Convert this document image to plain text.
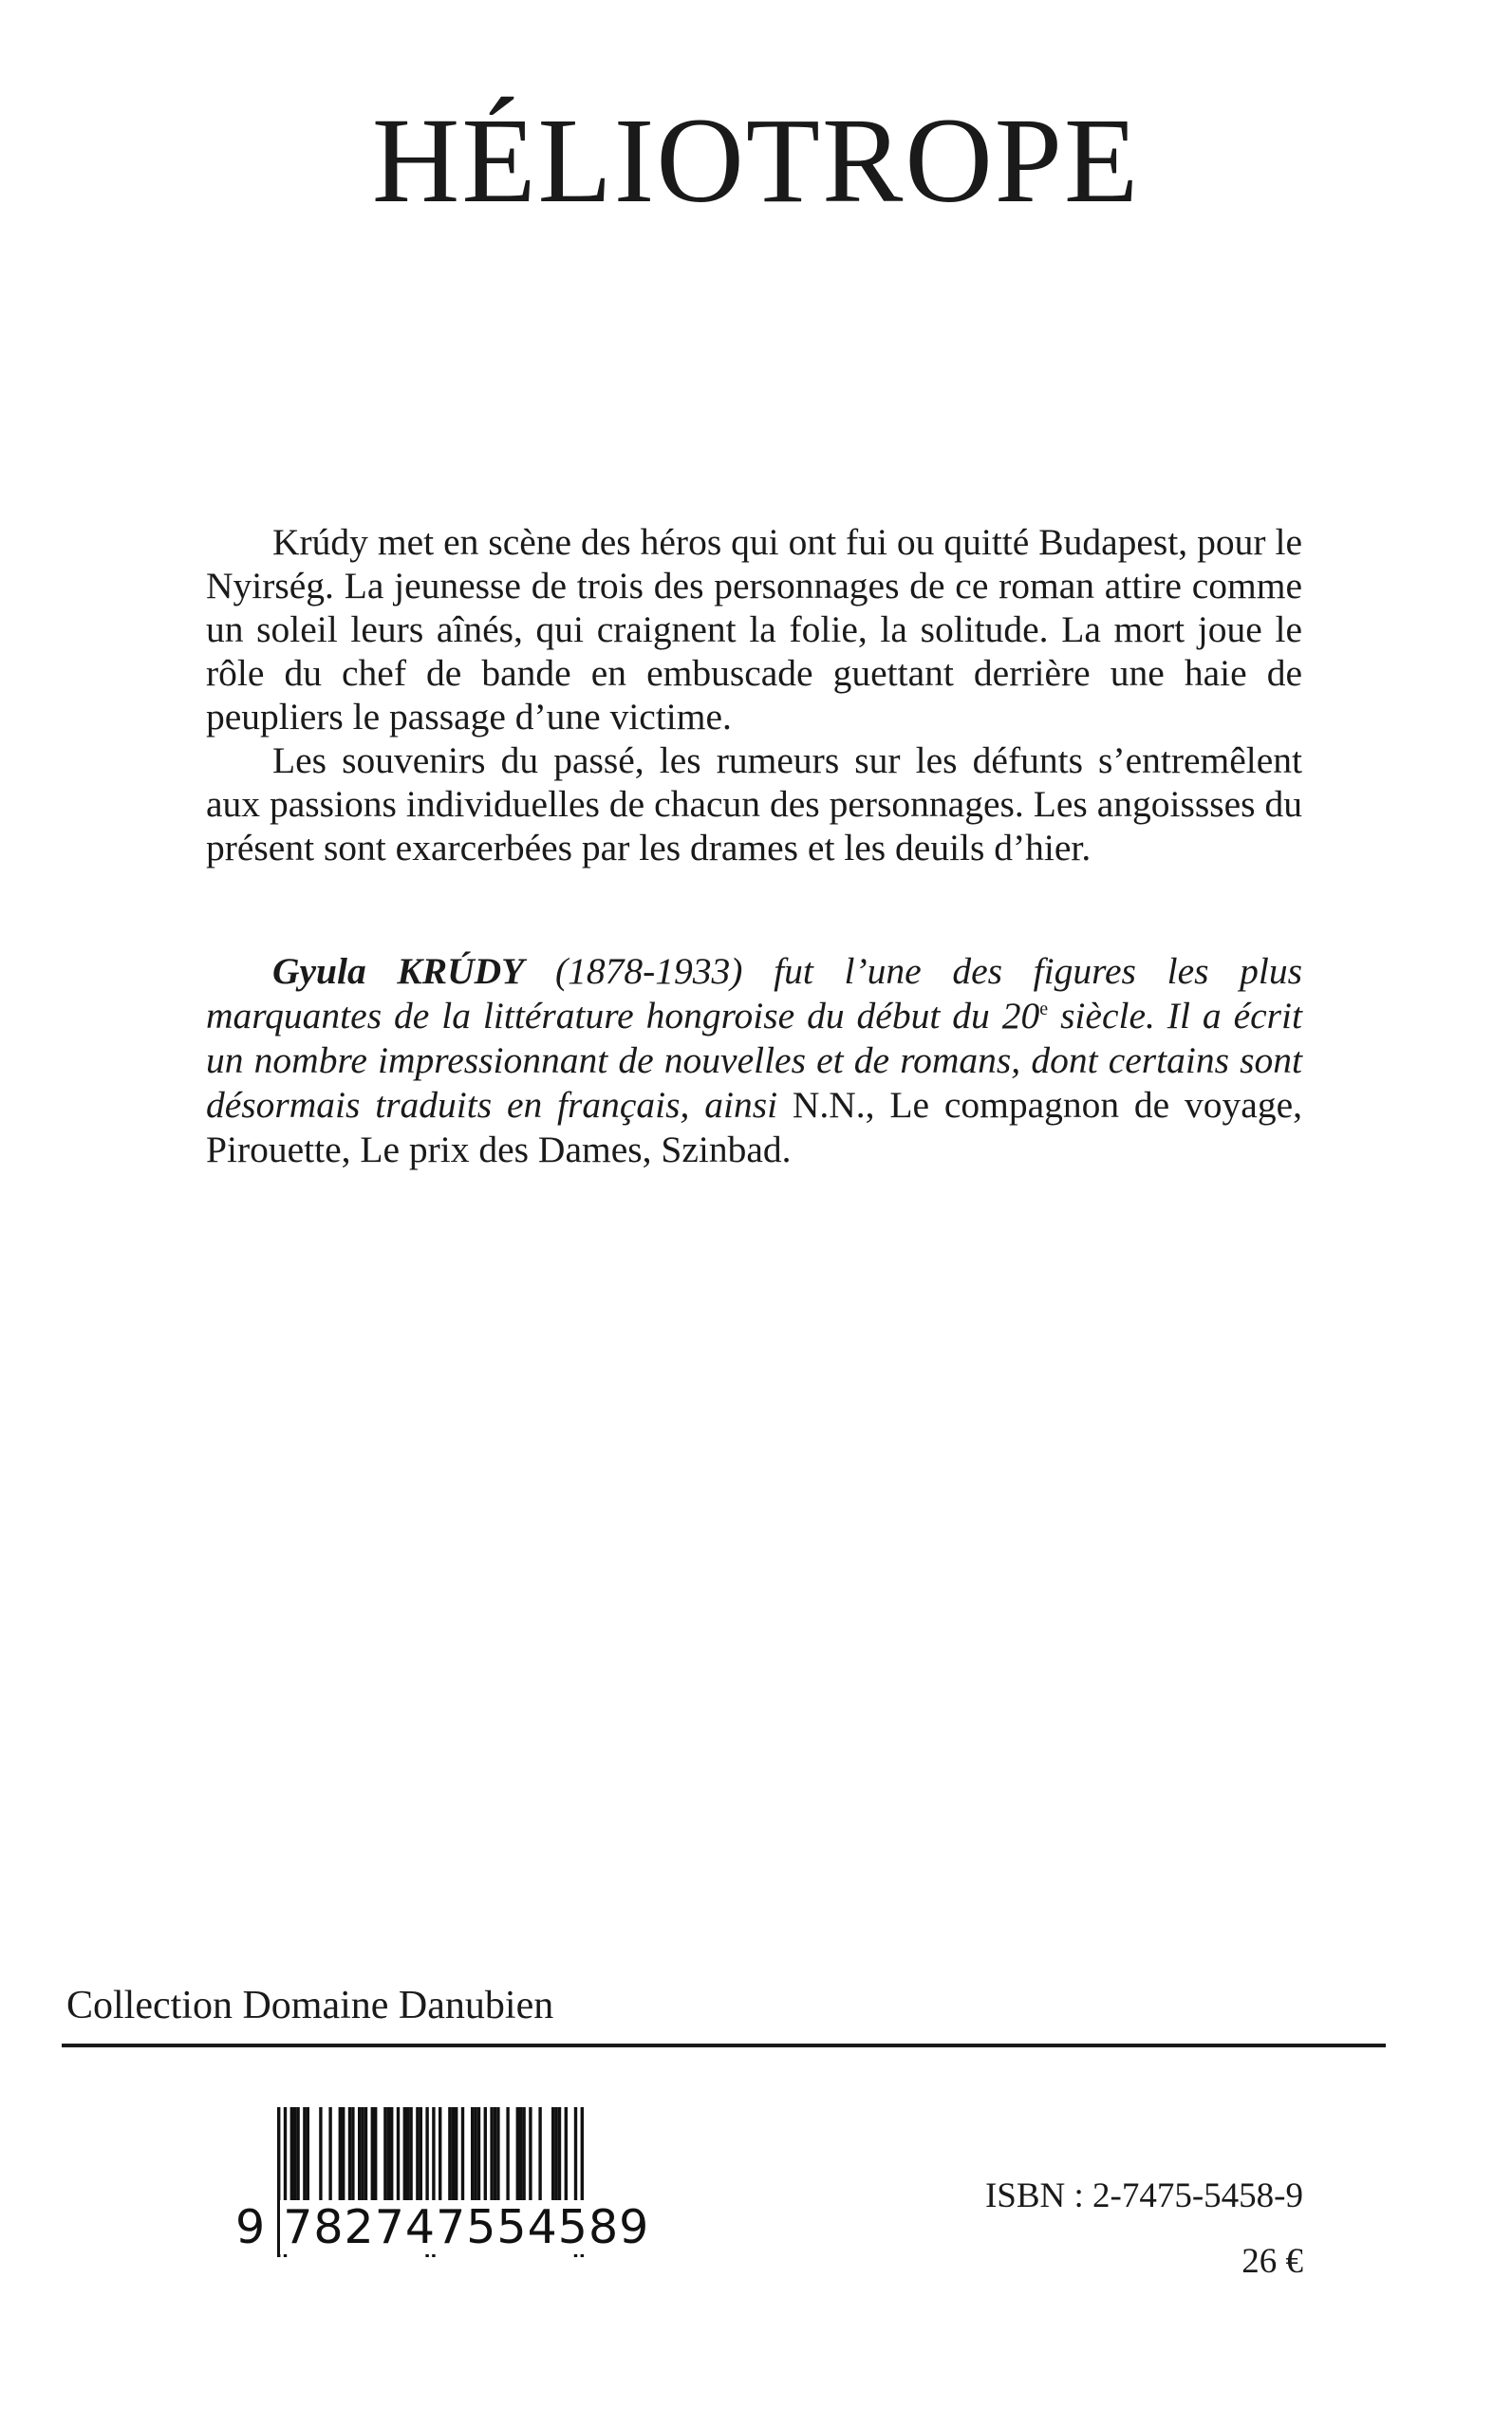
HÉLIOTROPE

Krúdy met en scène des héros qui ont fui ou quitté Budapest, pour le Nyirség. La jeunesse de trois des personnages de ce roman attire comme un soleil leurs aînés, qui craignent la folie, la solitude. La mort joue le rôle du chef de bande en embuscade guettant derrière une haie de peupliers le passage d’une victime.

Les souvenirs du passé, les rumeurs sur les défunts s’entremêlent aux passions individuelles de chacun des personnages. Les angoissses du présent sont exarcerbées par les drames et les deuils d’hier.

Gyula KRÚDY (1878-1933) fut l’une des figures les plus marquantes de la littérature hongroise du début du 20e siècle. Il a écrit un nombre impressionnant de nouvelles et de romans, dont certains sont désormais traduits en français, ainsi N.N., Le compagnon de voyage, Pirouette, Le prix des Dames, Szinbad.

Collection Domaine Danubien
9 782747554589
ISBN : 2-7475-5458-9
26 €
